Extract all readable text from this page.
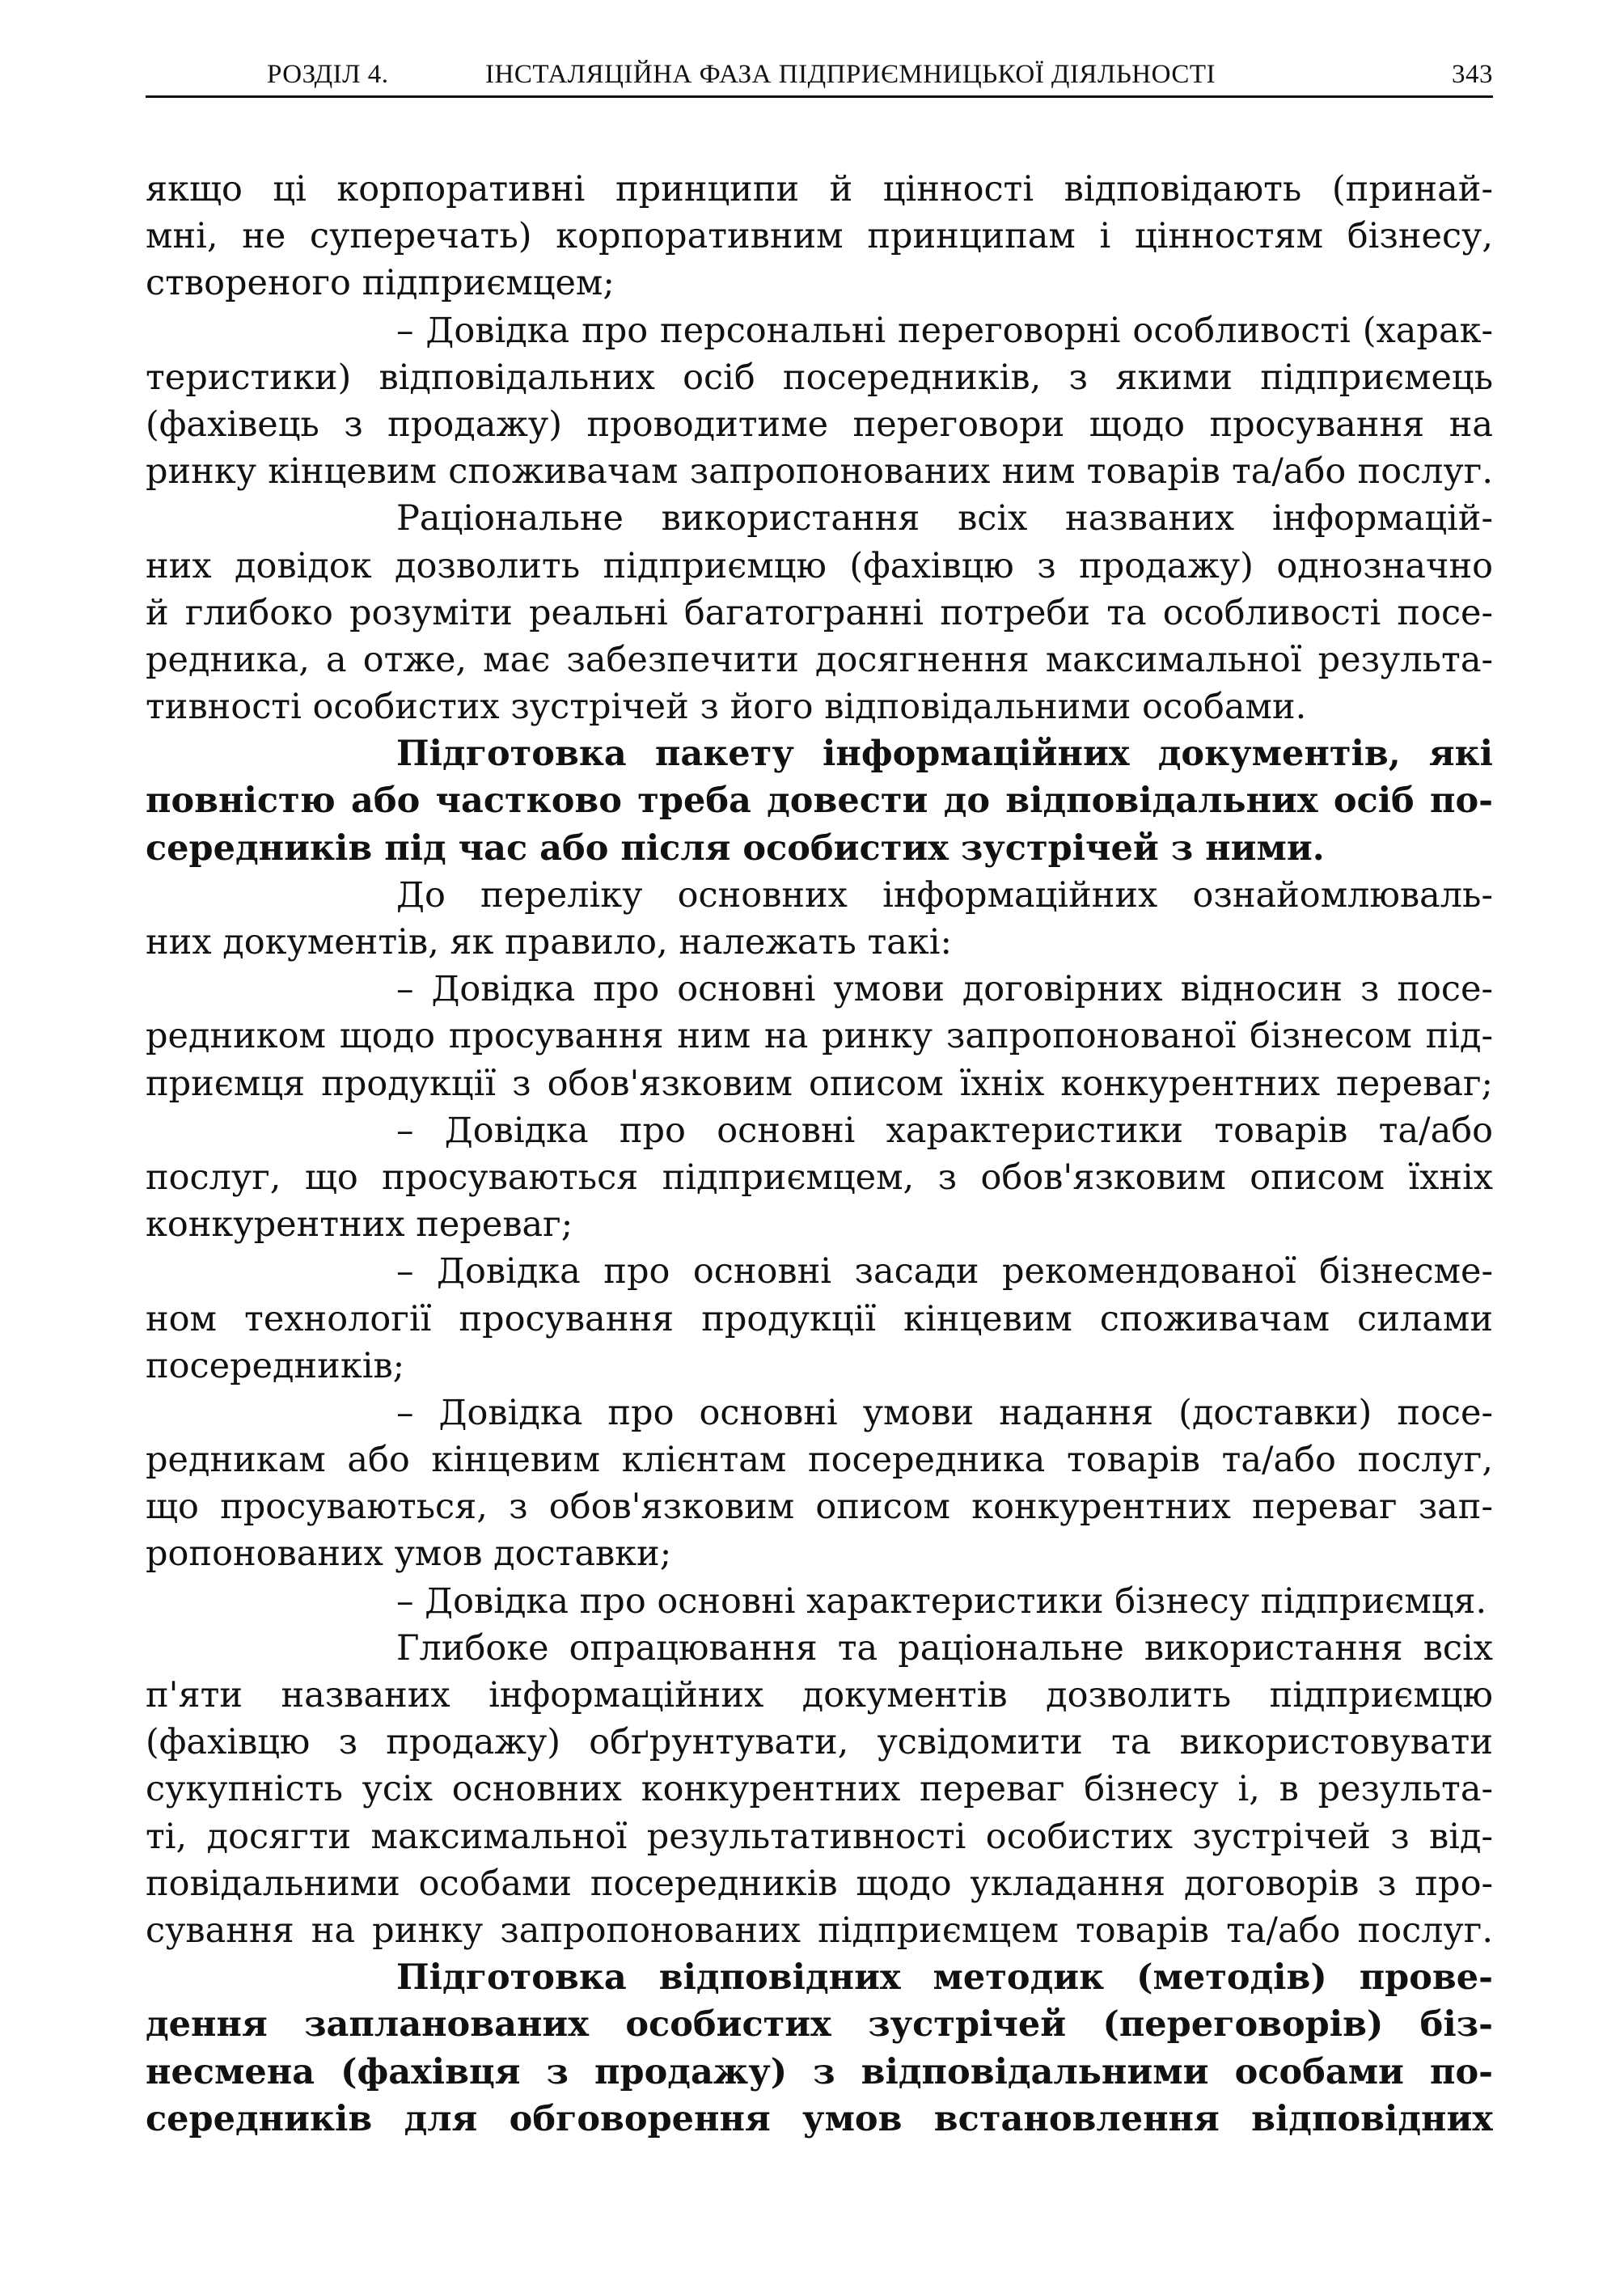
РОЗДІЛ 4.	ІНСТАЛЯЦІЙНА ФАЗА ПІДПРИЄМНИЦЬКОЇ ДІЯЛЬНОСТІ	343
якщо ці корпоративні принципи й цінності відповідають (принай-
мні, не суперечать) корпоративним принципам і цінностям бізнесу,
створеного підприємцем;
– Довідка про персональні переговорні особливості (харак-
теристики) відповідальних осіб посередників, з якими підприємець
(фахівець з продажу) проводитиме переговори щодо просування на
ринку кінцевим споживачам запропонованих ним товарів та/або послуг.
Раціональне використання всіх названих інформацій-
них довідок дозволить підприємцю (фахівцю з продажу) однозначно
й глибоко розуміти реальні багатогранні потреби та особливості посе-
редника, а отже, має забезпечити досягнення максимальної результа-
тивності особистих зустрічей з його відповідальними особами.
Підготовка пакету інформаційних документів, які
повністю або частково треба довести до відповідальних осіб по-
середників під час або після особистих зустрічей з ними.
До переліку основних інформаційних ознайомлюваль-
них документів, як правило, належать такі:
– Довідка про основні умови договірних відносин з посе-
редником щодо просування ним на ринку запропонованої бізнесом під-
приємця продукції з обов'язковим описом їхніх конкурентних переваг;
– Довідка про основні характеристики товарів та/або
послуг, що просуваються підприємцем, з обов'язковим описом їхніх
конкурентних переваг;
– Довідка про основні засади рекомендованої бізнесме-
ном технології просування продукції кінцевим споживачам силами
посередників;
– Довідка про основні умови надання (доставки) посе-
редникам або кінцевим клієнтам посередника товарів та/або послуг,
що просуваються, з обов'язковим описом конкурентних переваг зап-
ропонованих умов доставки;
– Довідка про основні характеристики бізнесу підприємця.
Глибоке опрацювання та раціональне використання всіх
п'яти названих інформаційних документів дозволить підприємцю
(фахівцю з продажу) обґрунтувати, усвідомити та використовувати
сукупність усіх основних конкурентних переваг бізнесу і, в результа-
ті, досягти максимальної результативності особистих зустрічей з від-
повідальними особами посередників щодо укладання договорів з про-
сування на ринку запропонованих підприємцем товарів та/або послуг.
Підготовка відповідних методик (методів) прове-
дення запланованих особистих зустрічей (переговорів) біз-
несмена (фахівця з продажу) з відповідальними особами по-
середників для обговорення умов встановлення відповідних
